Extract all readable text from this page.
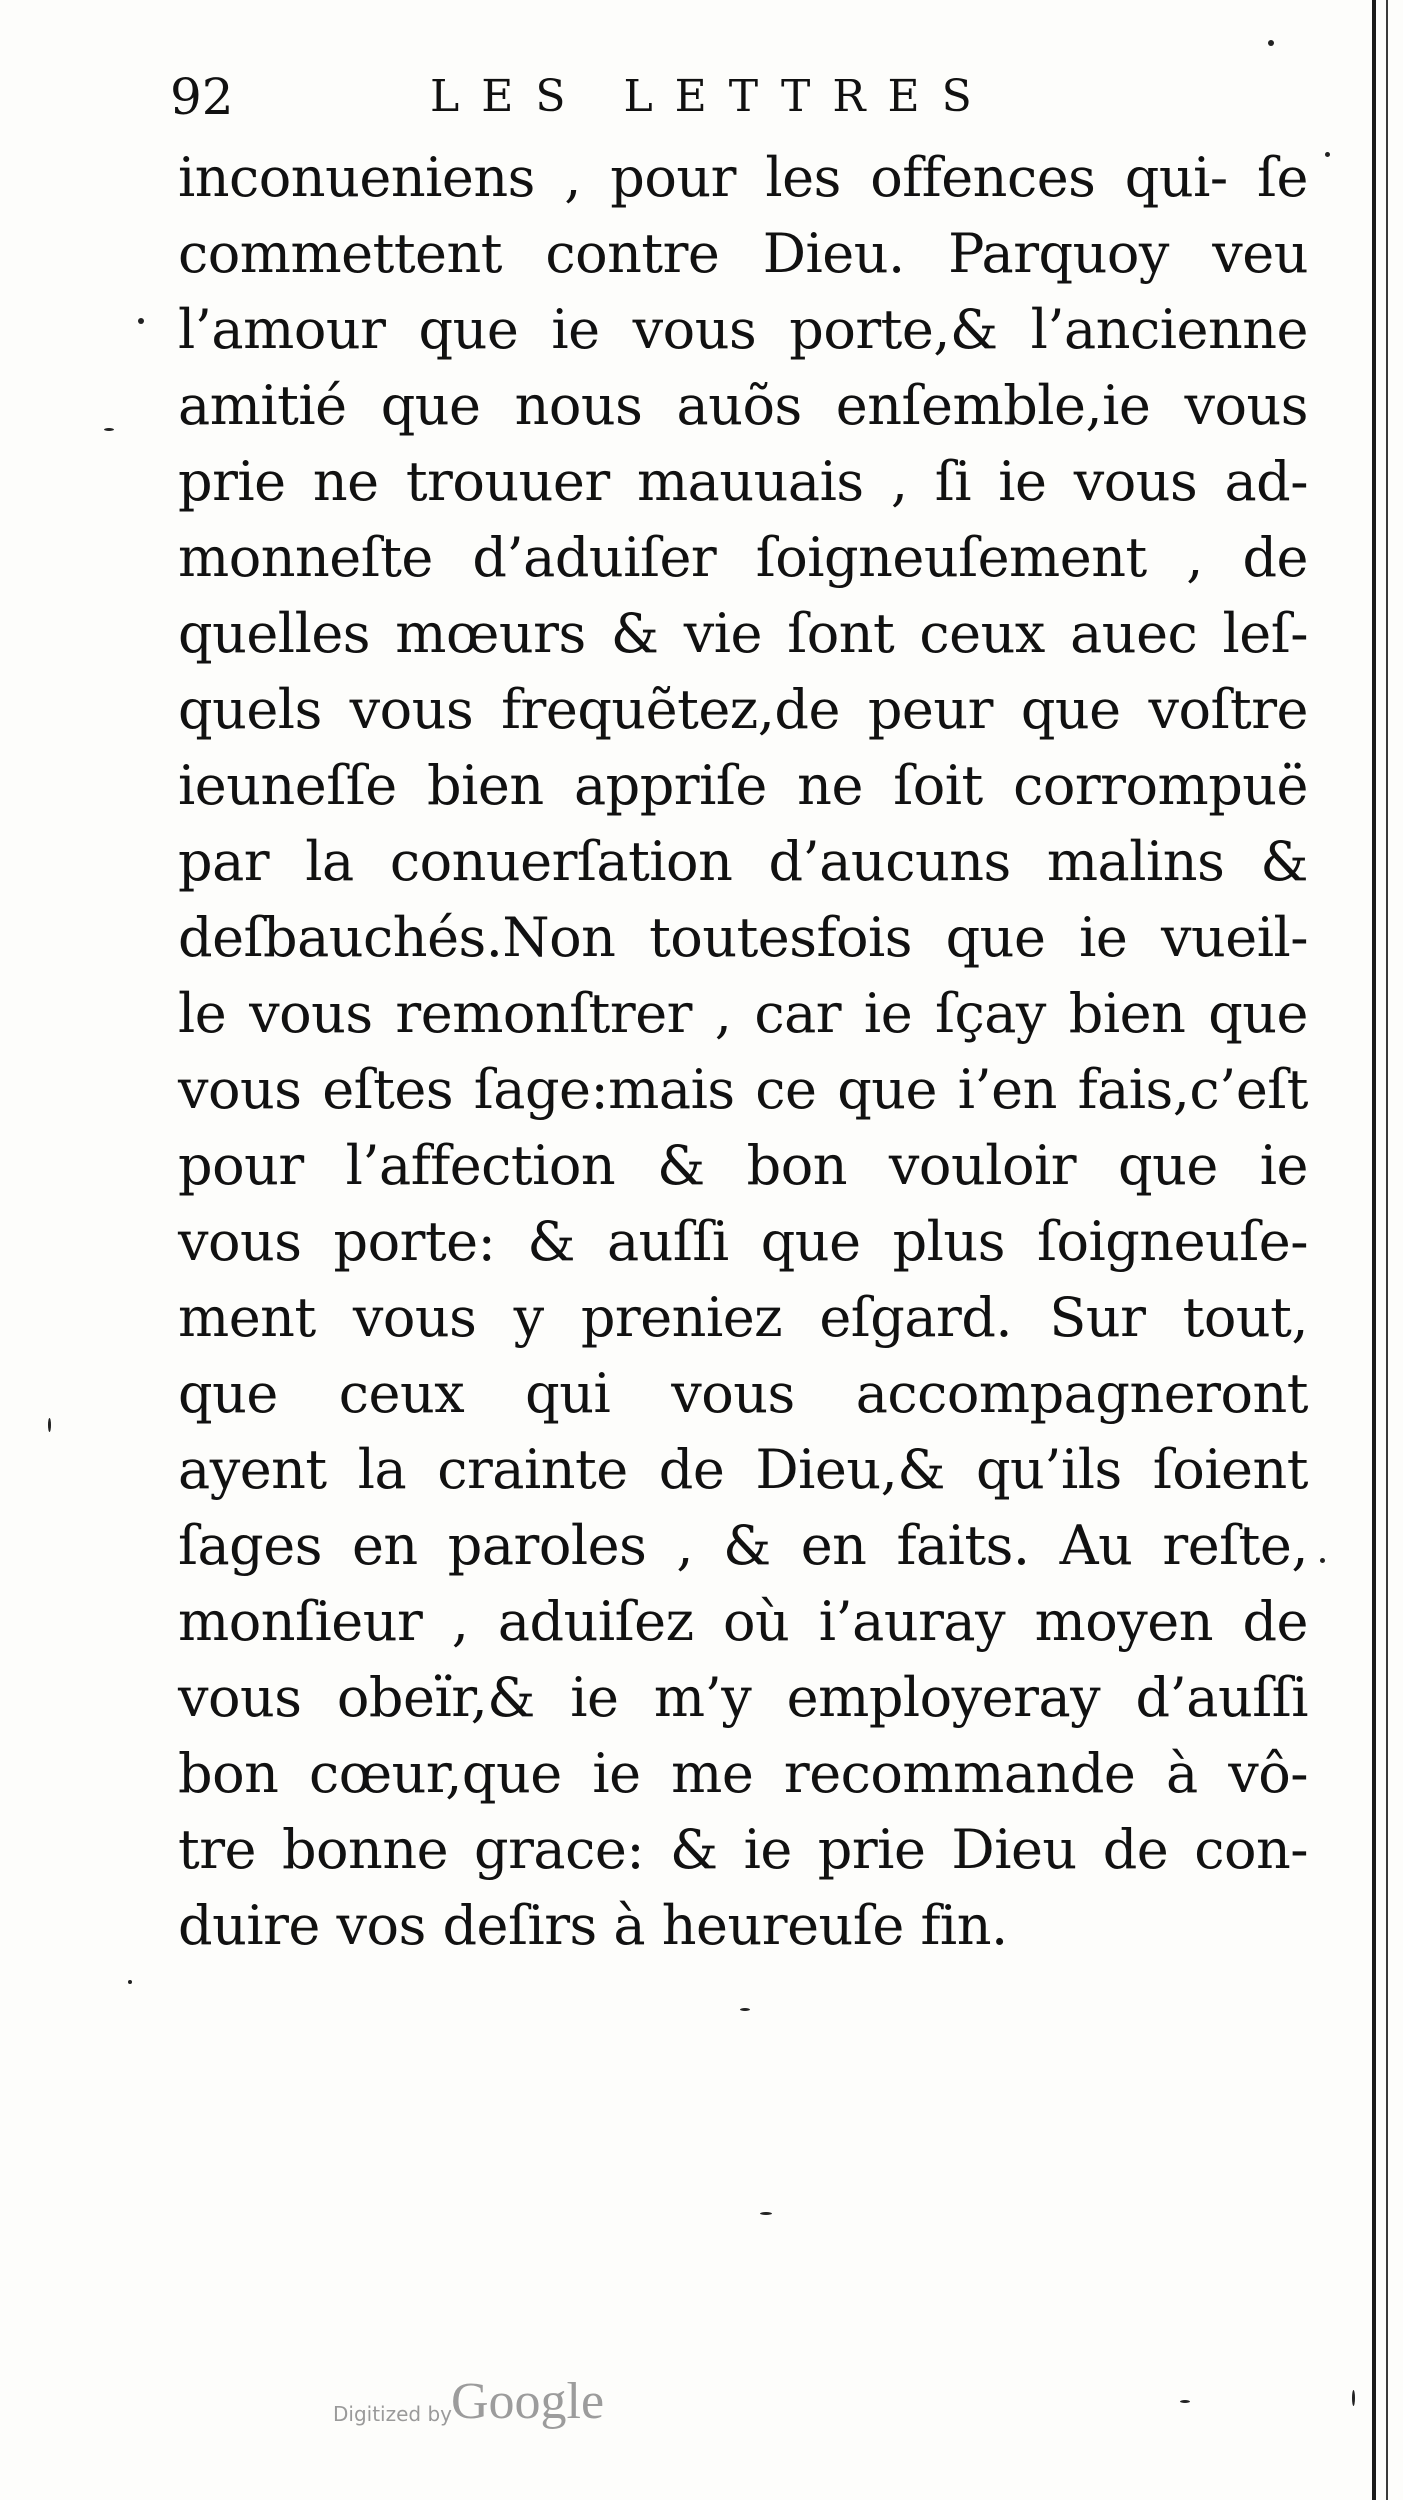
92	LES LETTRES
inconueniens , pour les offences qui- ſe
commettent contre Dieu. Parquoy veu
l’amour que ie vous porte,& l’ancienne
amitié que nous auõs enſemble,ie vous
prie ne trouuer mauuais , ſi ie vous ad-
monneſte d’aduiſer ſoigneuſement , de
quelles mœurs & vie ſont ceux auec leſ-
quels vous frequẽtez,de peur que voſtre
ieuneſſe bien appriſe ne ſoit corrompuë
par la conuerſation d’aucuns malins &
deſbauchés.Non toutesfois que ie vueil-
le vous remonſtrer , car ie ſçay bien que
vous eſtes ſage:mais ce que i’en fais,c’eſt
pour l’affection & bon vouloir que ie
vous porte: & auſſi que plus ſoigneuſe-
ment vous y preniez eſgard. Sur tout,
que ceux qui vous accompagneront
ayent la crainte de Dieu,& qu’ils ſoient
ſages en paroles , & en faits. Au reſte,
monſieur , aduiſez où i’auray moyen de
vous obeïr,& ie m’y employeray d’auſſi
bon cœur,que ie me recommande à vô-
tre bonne grace: & ie prie Dieu de con-
duire vos deſirs à heureuſe fin.
Digitized by Google
